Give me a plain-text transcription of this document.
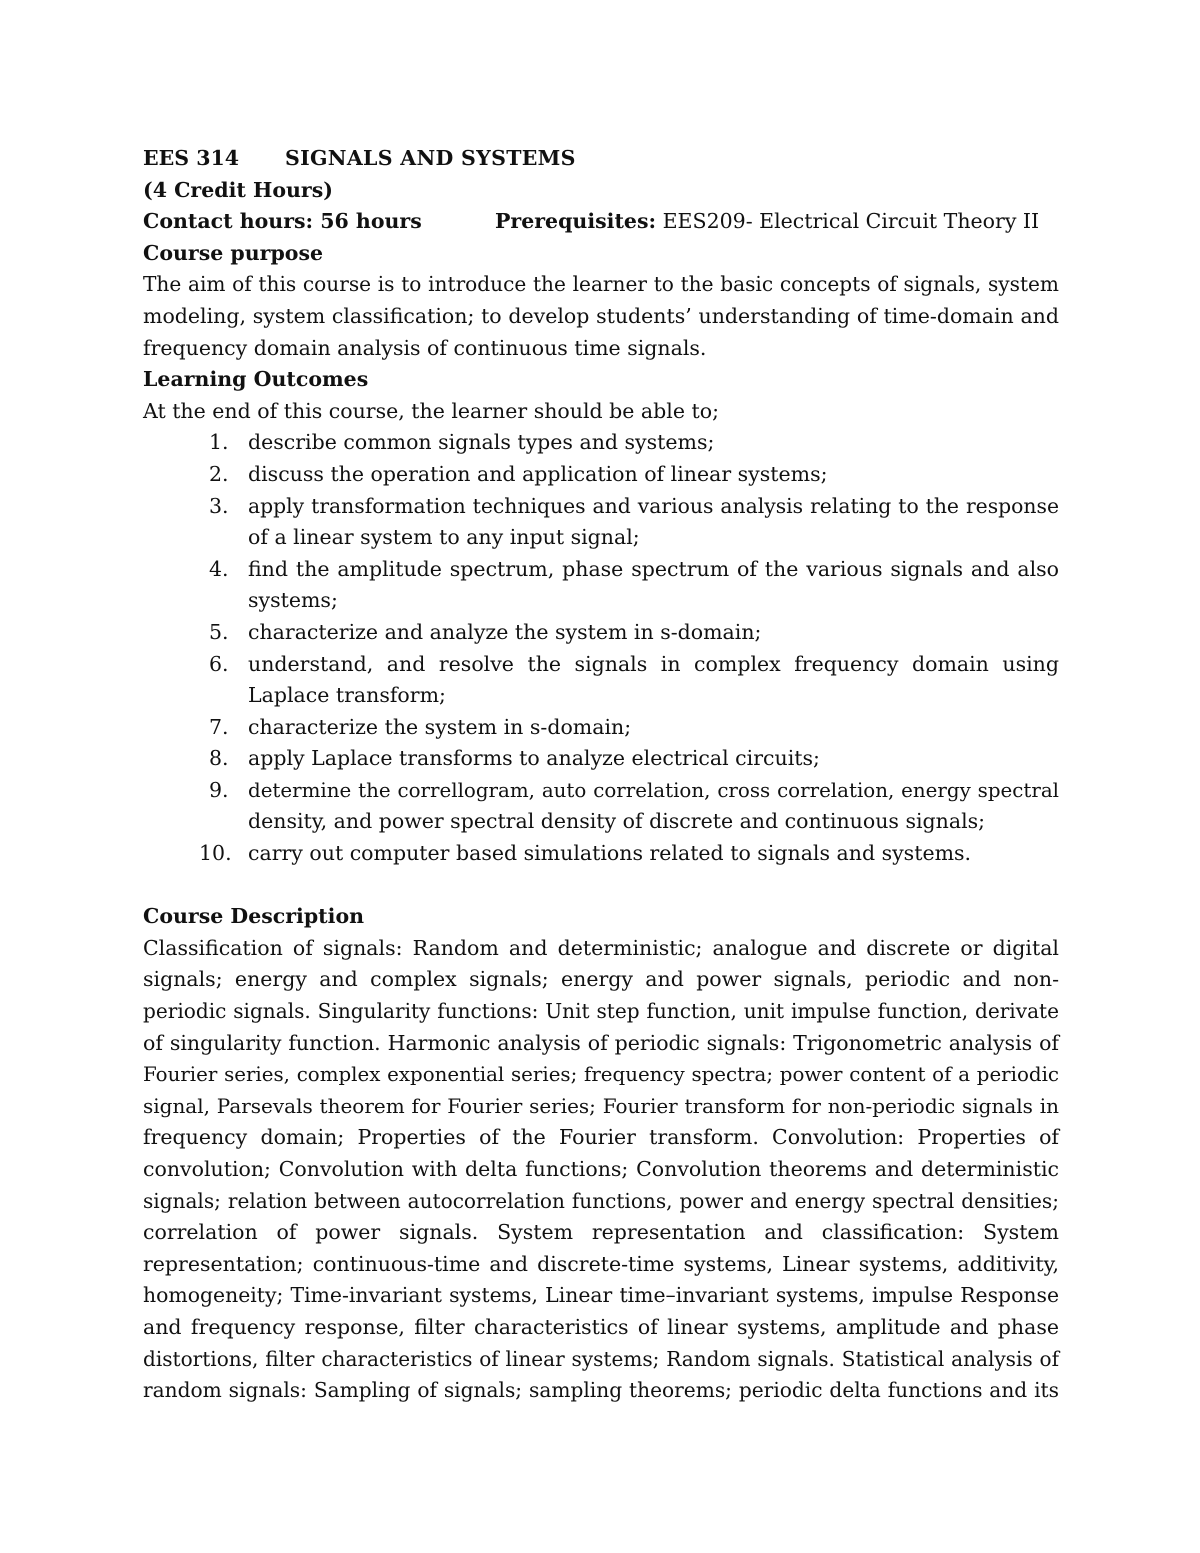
EES 314	SIGNALS AND SYSTEMS
(4 Credit Hours)
Contact hours: 56 hours	Prerequisites: EES209- Electrical Circuit Theory II
Course purpose
The aim of this course is to introduce the learner to the basic concepts of signals, system
modeling, system classification; to develop students’ understanding of time-domain and
frequency domain analysis of continuous time signals.
Learning Outcomes
At the end of this course, the learner should be able to;
1. describe common signals types and systems;
2. discuss the operation and application of linear systems;
3. apply transformation techniques and various analysis relating to the response
of a linear system to any input signal;
4. find the amplitude spectrum, phase spectrum of the various signals and also
systems;
5. characterize and analyze the system in s-domain;
6. understand, and resolve the signals in complex frequency domain using
Laplace transform;
7. characterize the system in s-domain;
8. apply Laplace transforms to analyze electrical circuits;
9. determine the correllogram, auto correlation, cross correlation, energy spectral
density, and power spectral density of discrete and continuous signals;
10. carry out computer based simulations related to signals and systems.
Course Description
Classification of signals: Random and deterministic; analogue and discrete or digital
signals; energy and complex signals; energy and power signals, periodic and non-
periodic signals. Singularity functions: Unit step function, unit impulse function, derivate
of singularity function. Harmonic analysis of periodic signals: Trigonometric analysis of
Fourier series, complex exponential series; frequency spectra; power content of a periodic
signal, Parsevals theorem for Fourier series; Fourier transform for non-periodic signals in
frequency domain; Properties of the Fourier transform. Convolution: Properties of
convolution; Convolution with delta functions; Convolution theorems and deterministic
signals; relation between autocorrelation functions, power and energy spectral densities;
correlation of power signals. System representation and classification: System
representation; continuous-time and discrete-time systems, Linear systems, additivity,
homogeneity; Time-invariant systems, Linear time–invariant systems, impulse Response
and frequency response, filter characteristics of linear systems, amplitude and phase
distortions, filter characteristics of linear systems; Random signals. Statistical analysis of
random signals: Sampling of signals; sampling theorems; periodic delta functions and its
